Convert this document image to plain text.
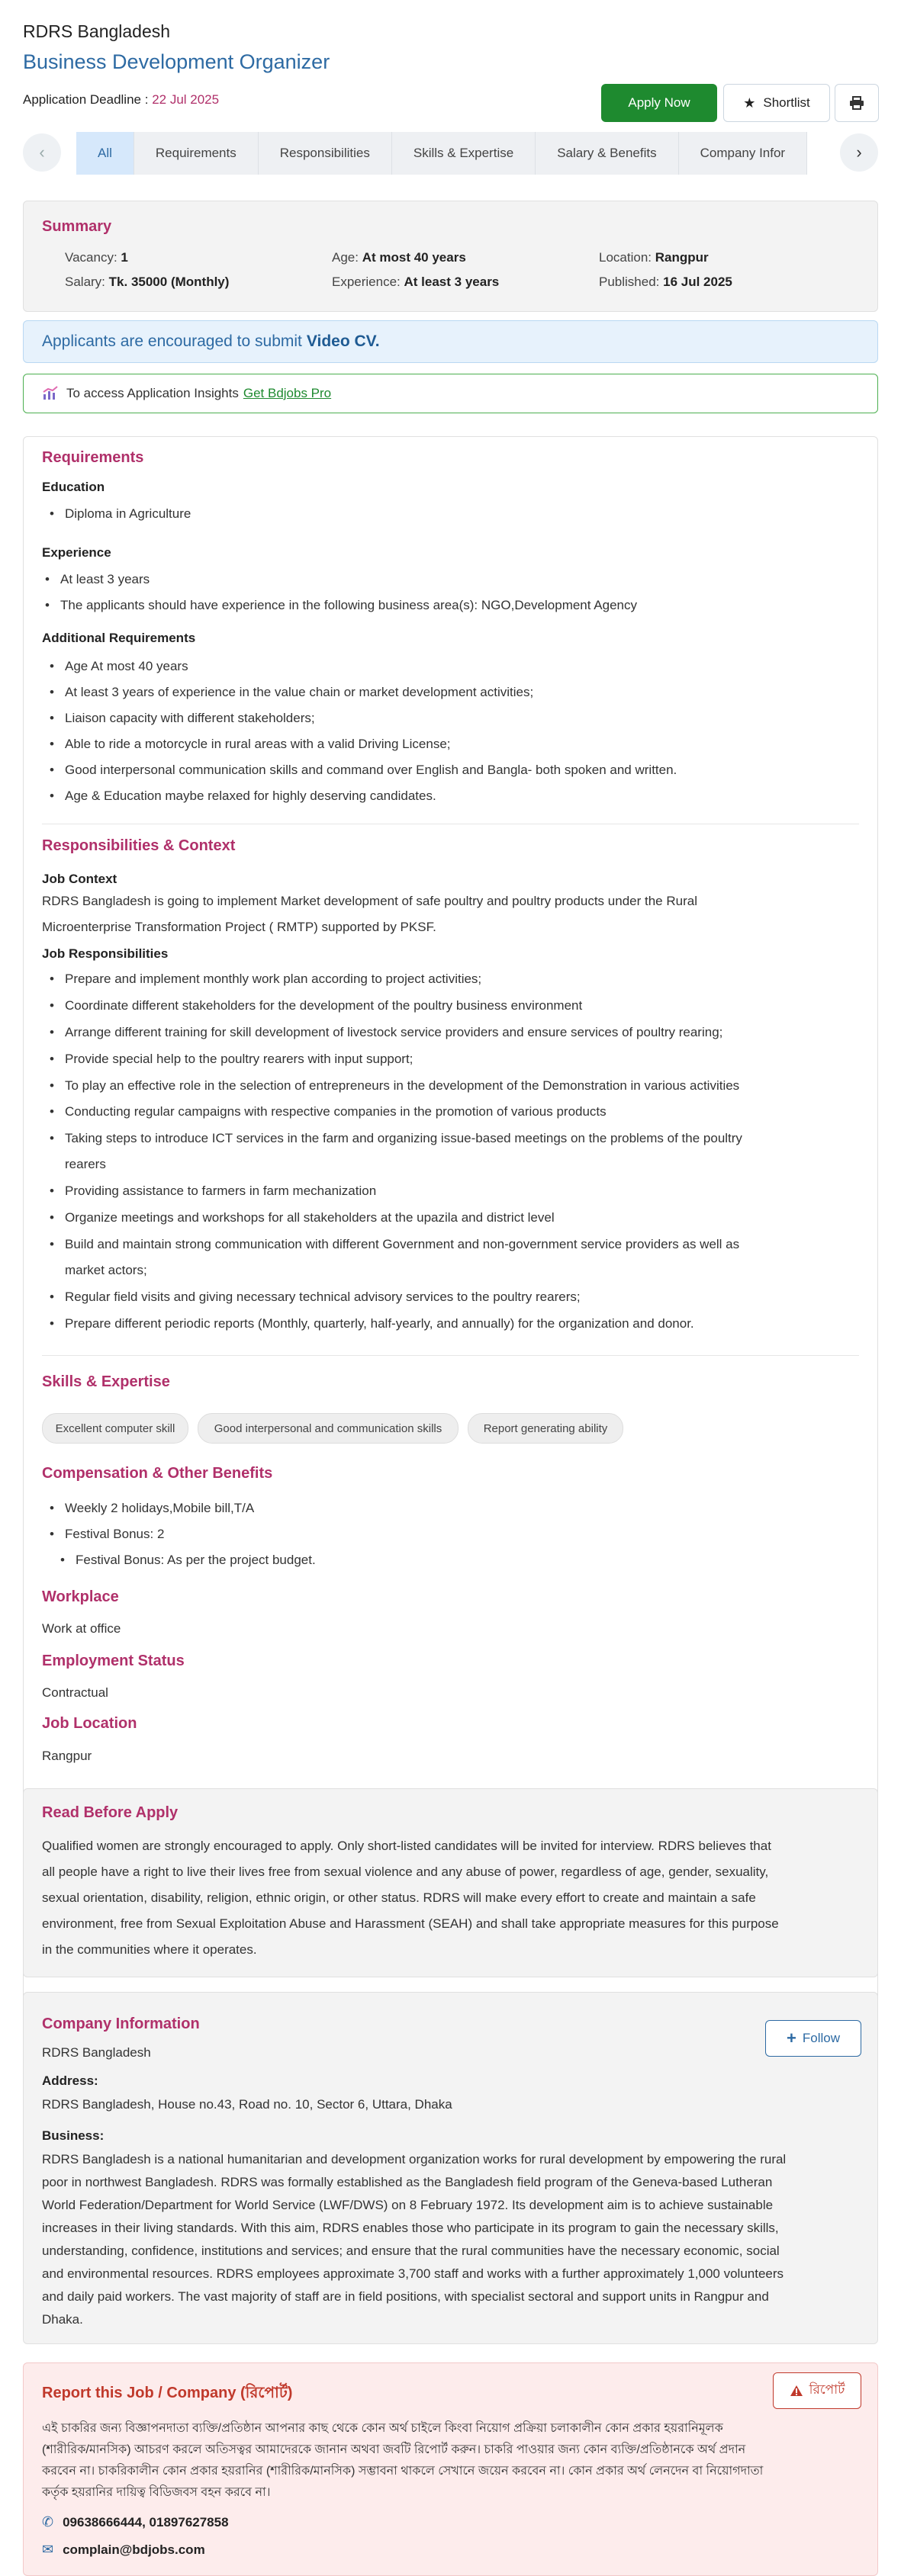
RDRS Bangladesh
Business Development Organizer
Application Deadline : 22 Jul 2025	Apply Now	★ Shortlist
‹	All	Requirements	Responsibilities	Skills & Expertise	Salary & Benefits	Company Infor	›
Summary
Vacancy: 1	Age: At most 40 years	Location: Rangpur
Salary: Tk. 35000 (Monthly)	Experience: At least 3 years	Published: 16 Jul 2025
Applicants are encouraged to submit Video CV.
To access Application Insights Get Bdjobs Pro
Requirements
Education
• Diploma in Agriculture
Experience
• At least 3 years
• The applicants should have experience in the following business area(s): NGO,Development Agency
Additional Requirements
• Age At most 40 years
• At least 3 years of experience in the value chain or market development activities;
• Liaison capacity with different stakeholders;
• Able to ride a motorcycle in rural areas with a valid Driving License;
• Good interpersonal communication skills and command over English and Bangla- both spoken and written.
• Age & Education maybe relaxed for highly deserving candidates.
Responsibilities & Context
Job Context
RDRS Bangladesh is going to implement Market development of safe poultry and poultry products under the Rural
Microenterprise Transformation Project ( RMTP) supported by PKSF.
Job Responsibilities
• Prepare and implement monthly work plan according to project activities;
• Coordinate different stakeholders for the development of the poultry business environment
• Arrange different training for skill development of livestock service providers and ensure services of poultry rearing;
• Provide special help to the poultry rearers with input support;
• To play an effective role in the selection of entrepreneurs in the development of the Demonstration in various activities
• Conducting regular campaigns with respective companies in the promotion of various products
• Taking steps to introduce ICT services in the farm and organizing issue-based meetings on the problems of the poultry
rearers
• Providing assistance to farmers in farm mechanization
• Organize meetings and workshops for all stakeholders at the upazila and district level
• Build and maintain strong communication with different Government and non-government service providers as well as
market actors;
• Regular field visits and giving necessary technical advisory services to the poultry rearers;
• Prepare different periodic reports (Monthly, quarterly, half-yearly, and annually) for the organization and donor.
Skills & Expertise
Excellent computer skill	Good interpersonal and communication skills	Report generating ability
Compensation & Other Benefits
• Weekly 2 holidays,Mobile bill,T/A
• Festival Bonus: 2
• Festival Bonus: As per the project budget.
Workplace
Work at office
Employment Status
Contractual
Job Location
Rangpur
Read Before Apply
Qualified women are strongly encouraged to apply. Only short-listed candidates will be invited for interview. RDRS believes that
all people have a right to live their lives free from sexual violence and any abuse of power, regardless of age, gender, sexuality,
sexual orientation, disability, religion, ethnic origin, or other status. RDRS will make every effort to create and maintain a safe
environment, free from Sexual Exploitation Abuse and Harassment (SEAH) and shall take appropriate measures for this purpose
in the communities where it operates.
Company Information
RDRS Bangladesh
+ Follow
Address:
RDRS Bangladesh, House no.43, Road no. 10, Sector 6, Uttara, Dhaka
Business:
RDRS Bangladesh is a national humanitarian and development organization works for rural development by empowering the rural
poor in northwest Bangladesh. RDRS was formally established as the Bangladesh field program of the Geneva-based Lutheran
World Federation/Department for World Service (LWF/DWS) on 8 February 1972. Its development aim is to achieve sustainable
increases in their living standards. With this aim, RDRS enables those who participate in its program to gain the necessary skills,
understanding, confidence, institutions and services; and ensure that the rural communities have the necessary economic, social
and environmental resources. RDRS employees approximate 3,700 staff and works with a further approximately 1,000 volunteers
and daily paid workers. The vast majority of staff are in field positions, with specialist sectoral and support units in Rangpur and
Dhaka.
Report this Job / Company (রিপোর্ট)	রিপোর্ট
এই চাকরির জন্য বিজ্ঞাপনদাতা ব্যক্তি/প্রতিষ্ঠান আপনার কাছ থেকে কোন অর্থ চাইলে কিংবা নিয়োগ প্রক্রিয়া চলাকালীন কোন প্রকার হয়রানিমূলক
(শারীরিক/মানসিক) আচরণ করলে অতিসত্বর আমাদেরকে জানান অথবা জবটি রিপোর্ট করুন। চাকরি পাওয়ার জন্য কোন ব্যক্তি/প্রতিষ্ঠানকে অর্থ প্রদান
করবেন না। চাকরিকালীন কোন প্রকার হয়রানির (শারীরিক/মানসিক) সম্ভাবনা থাকলে সেখানে জয়েন করবেন না। কোন প্রকার অর্থ লেনদেন বা নিয়োগদাতা
কর্তৃক হয়রানির দায়িত্ব বিডিজবস বহন করবে না।
✆ 09638666444, 01897627858
✉ complain@bdjobs.com
